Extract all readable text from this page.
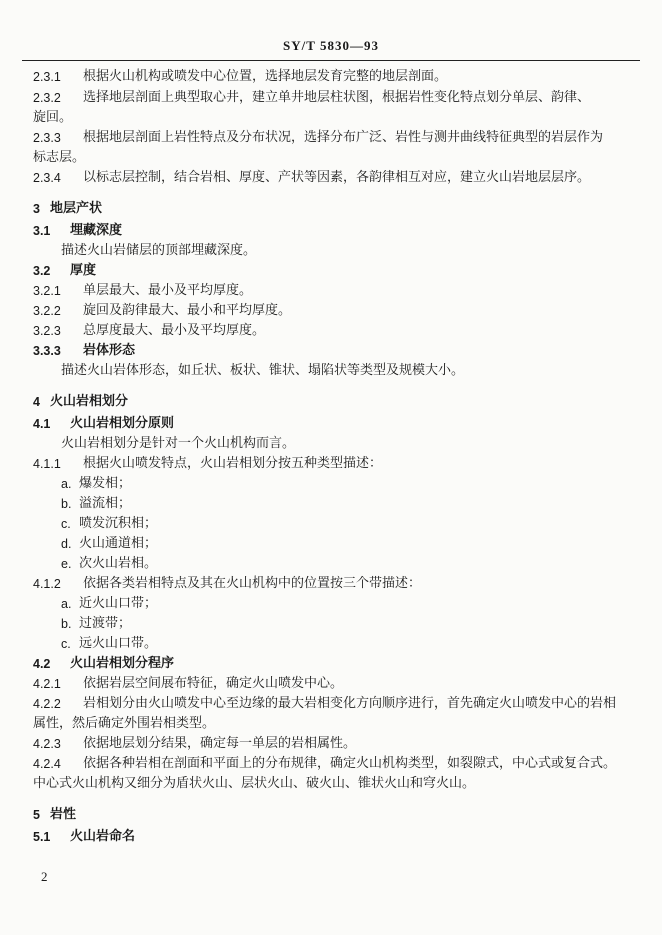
SY/T 5830—93
2.3.1 根据火山机构或喷发中心位置，选择地层发育完整的地层剖面。
2.3.2 选择地层剖面上典型取心井，建立单井地层柱状图，根据岩性变化特点划分单层、韵律、
旋回。
2.3.3 根据地层剖面上岩性特点及分布状况，选择分布广泛、岩性与测井曲线特征典型的岩层作为
标志层。
2.3.4 以标志层控制，结合岩相、厚度、产状等因素，各韵律相互对应，建立火山岩地层层序。
3 地层产状
3.1 埋藏深度
描述火山岩储层的顶部埋藏深度。
3.2 厚度
3.2.1 单层最大、最小及平均厚度。
3.2.2 旋回及韵律最大、最小和平均厚度。
3.2.3 总厚度最大、最小及平均厚度。
3.3.3 岩体形态
描述火山岩体形态，如丘状、板状、锥状、塌陷状等类型及规模大小。
4 火山岩相划分
4.1 火山岩相划分原则
火山岩相划分是针对一个火山机构而言。
4.1.1 根据火山喷发特点，火山岩相划分按五种类型描述：
a. 爆发相；
b. 溢流相；
c. 喷发沉积相；
d. 火山通道相；
e. 次火山岩相。
4.1.2 依据各类岩相特点及其在火山机构中的位置按三个带描述：
a. 近火山口带；
b. 过渡带；
c. 远火山口带。
4.2 火山岩相划分程序
4.2.1 依据岩层空间展布特征，确定火山喷发中心。
4.2.2 岩相划分由火山喷发中心至边缘的最大岩相变化方向顺序进行，首先确定火山喷发中心的岩相
属性，然后确定外围岩相类型。
4.2.3 依据地层划分结果，确定每一单层的岩相属性。
4.2.4 依据各种岩相在剖面和平面上的分布规律，确定火山机构类型，如裂隙式，中心式或复合式。
中心式火山机构又细分为盾状火山、层状火山、破火山、锥状火山和穹火山。
5 岩性
5.1 火山岩命名
2
